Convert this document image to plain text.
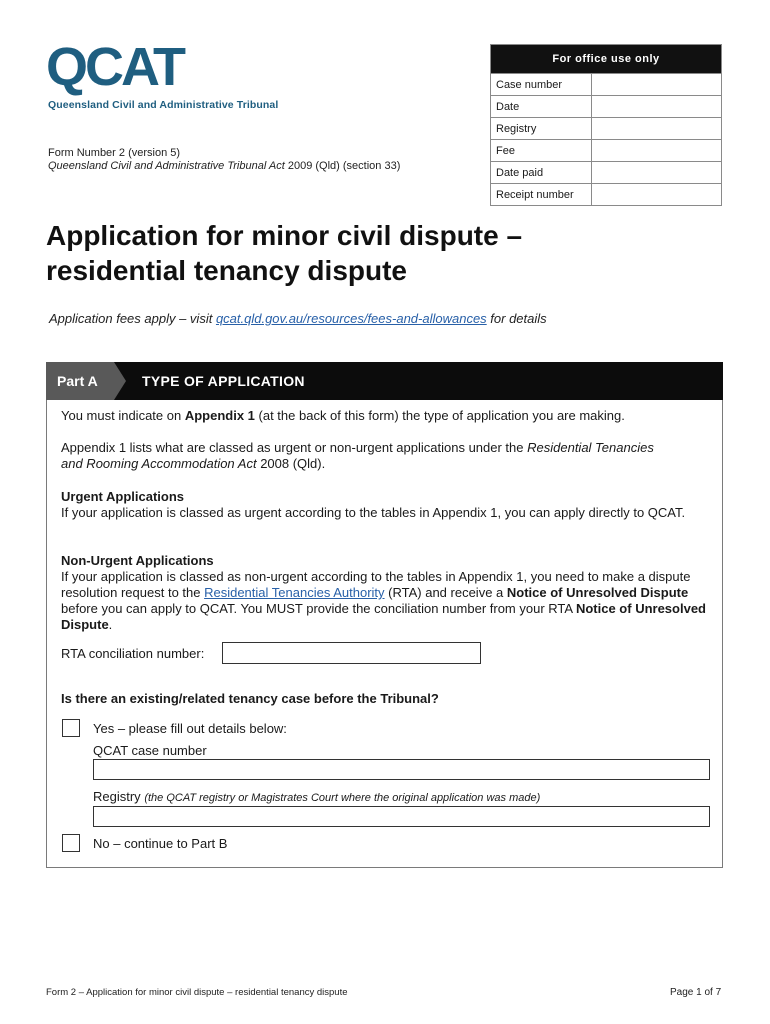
QCAT
Queensland Civil and Administrative Tribunal
Form Number 2 (version 5)
Queensland Civil and Administrative Tribunal Act 2009 (Qld) (section 33)
For office use only	
Case number	
Date	
Registry	
Fee	
Date paid	
Receipt number	
Application for minor civil dispute –
residential tenancy dispute
Application fees apply – visit qcat.qld.gov.au/resources/fees-and-allowances for details
Part A	TYPE OF APPLICATION
You must indicate on Appendix 1 (at the back of this form) the type of application you are making.
Appendix 1 lists what are classed as urgent or non-urgent applications under the Residential Tenancies and Rooming Accommodation Act 2008 (Qld).
Urgent Applications
If your application is classed as urgent according to the tables in Appendix 1, you can apply directly to QCAT.
Non-Urgent Applications
If your application is classed as non-urgent according to the tables in Appendix 1, you need to make a dispute resolution request to the Residential Tenancies Authority (RTA) and receive a Notice of Unresolved Dispute before you can apply to QCAT. You MUST provide the conciliation number from your RTA Notice of Unresolved Dispute.
RTA conciliation number:
Is there an existing/related tenancy case before the Tribunal?
Yes – please fill out details below:
QCAT case number
Registry (the QCAT registry or Magistrates Court where the original application was made)
No – continue to Part B
Form 2 – Application for minor civil dispute – residential tenancy dispute	Page 1 of 7
